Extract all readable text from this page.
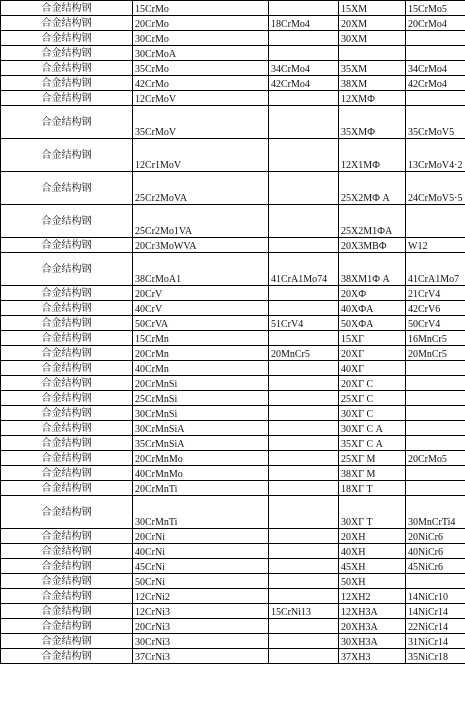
合金结构钢	15CrMo		15XM	15CrMo5
合金结构钢	20CrMo	18CrMo4	20XM	20CrMo4
合金结构钢	30CrMo		30XM	
合金结构钢	30CrMoA			
合金结构钢	35CrMo	34CrMo4	35XM	34CrMo4
合金结构钢	42CrMo	42CrMo4	38XM	42CrMo4
合金结构钢	12CrMoV		12XMФ	
合金结构钢	35CrMoV		35XMФ	35CrMoV5
合金结构钢	12Cr1MoV		12X1MФ	13CrMoV4·2
合金结构钢	25Cr2MoVA		25X2MФ A	24CrMoV5·5
合金结构钢	25Cr2Mo1VA		25X2M1ФA	
合金结构钢	20Cr3MoWVA		20X3MBФ	W12
合金结构钢	38CrMoA1	41CrA1Mo74	38XM1Ф A	41CrA1Mo7
合金结构钢	20CrV		20XФ	21CrV4
合金结构钢	40CrV		40XФA	42CrV6
合金结构钢	50CrVA	51CrV4	50XФA	50CrV4
合金结构钢	15CrMn		15XГ	16MnCr5
合金结构钢	20CrMn	20MnCr5	20XГ	20MnCr5
合金结构钢	40CrMn		40XГ	
合金结构钢	20CrMnSi		20XГ С	
合金结构钢	25CrMnSi		25XГ С	
合金结构钢	30CrMnSi		30XГ С	
合金结构钢	30CrMnSiA		30XГ С A	
合金结构钢	35CrMnSiA		35XГ С A	
合金结构钢	20CrMnMo		25XГ M	20CrMo5
合金结构钢	40CrMnMo		38XГ M	
合金结构钢	20CrMnTi		18XГ T	
合金结构钢	30CrMnTi		30XГ T	30MnCrTi4
合金结构钢	20CrNi		20XH	20NiCr6
合金结构钢	40CrNi		40XH	40NiCr6
合金结构钢	45CrNi		45XH	45NiCr6
合金结构钢	50CrNi		50XH	
合金结构钢	12CrNi2		12XH2	14NiCr10
合金结构钢	12CrNi3	15CrNi13	12XH3A	14NiCr14
合金结构钢	20CrNi3		20XH3A	22NiCr14
合金结构钢	30CrNi3		30XH3A	31NiCr14
合金结构钢	37CrNi3		37XH3	35NiCr18
